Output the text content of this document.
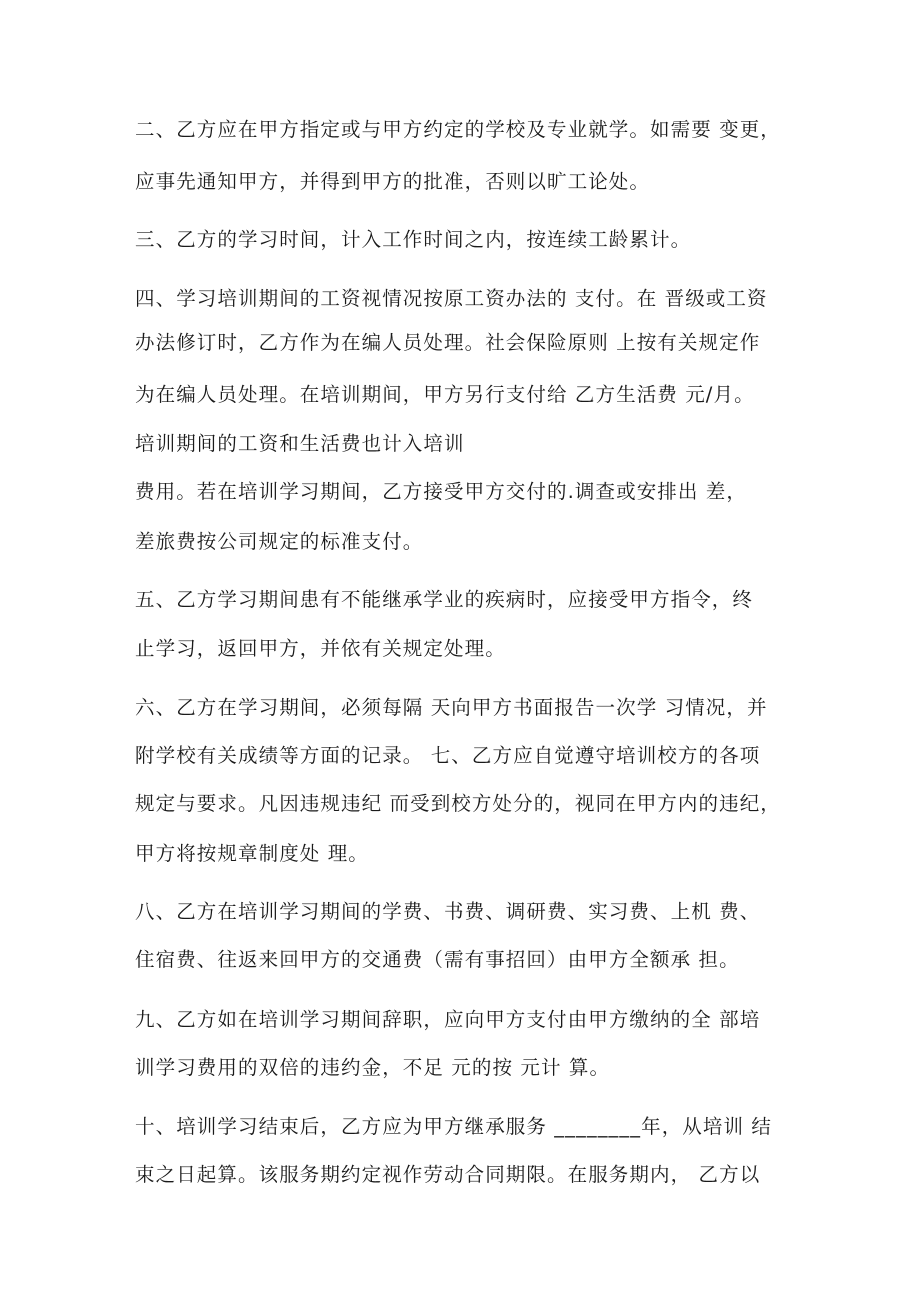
二、乙方应在甲方指定或与甲方约定的学校及专业就学。如需要 变更，
应事先通知甲方，并得到甲方的批准，否则以旷工论处。
三、乙方的学习时间，计入工作时间之内，按连续工龄累计。
四、学习培训期间的工资视情况按原工资办法的 支付。在 晋级或工资
办法修订时，乙方作为在编人员处理。社会保险原则 上按有关规定作
为在编人员处理。在培训期间，甲方另行支付给 乙方生活费 元/月。
培训期间的工资和生活费也计入培训
费用。若在培训学习期间，乙方接受甲方交付的.调查或安排出 差，
差旅费按公司规定的标准支付。
五、乙方学习期间患有不能继承学业的疾病时，应接受甲方指令，终
止学习，返回甲方，并依有关规定处理。
六、乙方在学习期间，必须每隔 天向甲方书面报告一次学 习情况，并
附学校有关成绩等方面的记录。 七、乙方应自觉遵守培训校方的各项
规定与要求。凡因违规违纪 而受到校方处分的，视同在甲方内的违纪，
甲方将按规章制度处 理。
八、乙方在培训学习期间的学费、书费、调研费、实习费、上机 费、
住宿费、往返来回甲方的交通费（需有事招回）由甲方全额承 担。
九、乙方如在培训学习期间辞职，应向甲方支付由甲方缴纳的全 部培
训学习费用的双倍的违约金，不足 元的按 元计 算。
十、培训学习结束后，乙方应为甲方继承服务 ________年，从培训 结
束之日起算。该服务期约定视作劳动合同期限。在服务期内， 乙方以
